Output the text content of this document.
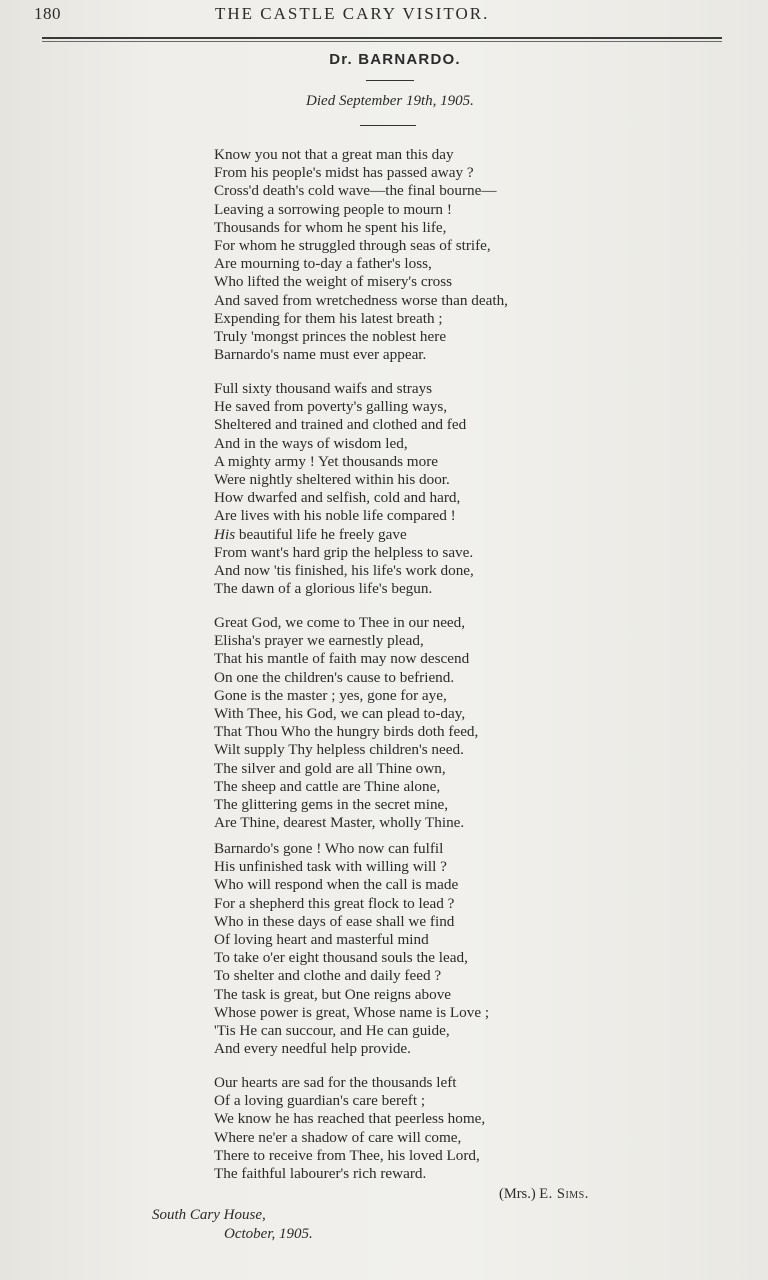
180	THE CASTLE CARY VISITOR.
Dr. BARNARDO.
Died September 19th, 1905.
Know you not that a great man this day
From his people's midst has passed away ?
Cross'd death's cold wave—the final bourne—
Leaving a sorrowing people to mourn !
Thousands for whom he spent his life,
For whom he struggled through seas of strife,
Are mourning to-day a father's loss,
Who lifted the weight of misery's cross
And saved from wretchedness worse than death,
Expending for them his latest breath ;
Truly 'mongst princes the noblest here
Barnardo's name must ever appear.
Full sixty thousand waifs and strays
He saved from poverty's galling ways,
Sheltered and trained and clothed and fed
And in the ways of wisdom led,
A mighty army ! Yet thousands more
Were nightly sheltered within his door.
How dwarfed and selfish, cold and hard,
Are lives with his noble life compared !
His beautiful life he freely gave
From want's hard grip the helpless to save.
And now 'tis finished, his life's work done,
The dawn of a glorious life's begun.
Great God, we come to Thee in our need,
Elisha's prayer we earnestly plead,
That his mantle of faith may now descend
On one the children's cause to befriend.
Gone is the master ; yes, gone for aye,
With Thee, his God, we can plead to-day,
That Thou Who the hungry birds doth feed,
Wilt supply Thy helpless children's need.
The silver and gold are all Thine own,
The sheep and cattle are Thine alone,
The glittering gems in the secret mine,
Are Thine, dearest Master, wholly Thine.
Barnardo's gone ! Who now can fulfil
His unfinished task with willing will ?
Who will respond when the call is made
For a shepherd this great flock to lead ?
Who in these days of ease shall we find
Of loving heart and masterful mind
To take o'er eight thousand souls the lead,
To shelter and clothe and daily feed ?
The task is great, but One reigns above
Whose power is great, Whose name is Love ;
'Tis He can succour, and He can guide,
And every needful help provide.
Our hearts are sad for the thousands left
Of a loving guardian's care bereft ;
We know he has reached that peerless home,
Where ne'er a shadow of care will come,
There to receive from Thee, his loved Lord,
The faithful labourer's rich reward.
(Mrs.) E. Sims.
South Cary House,
October, 1905.
